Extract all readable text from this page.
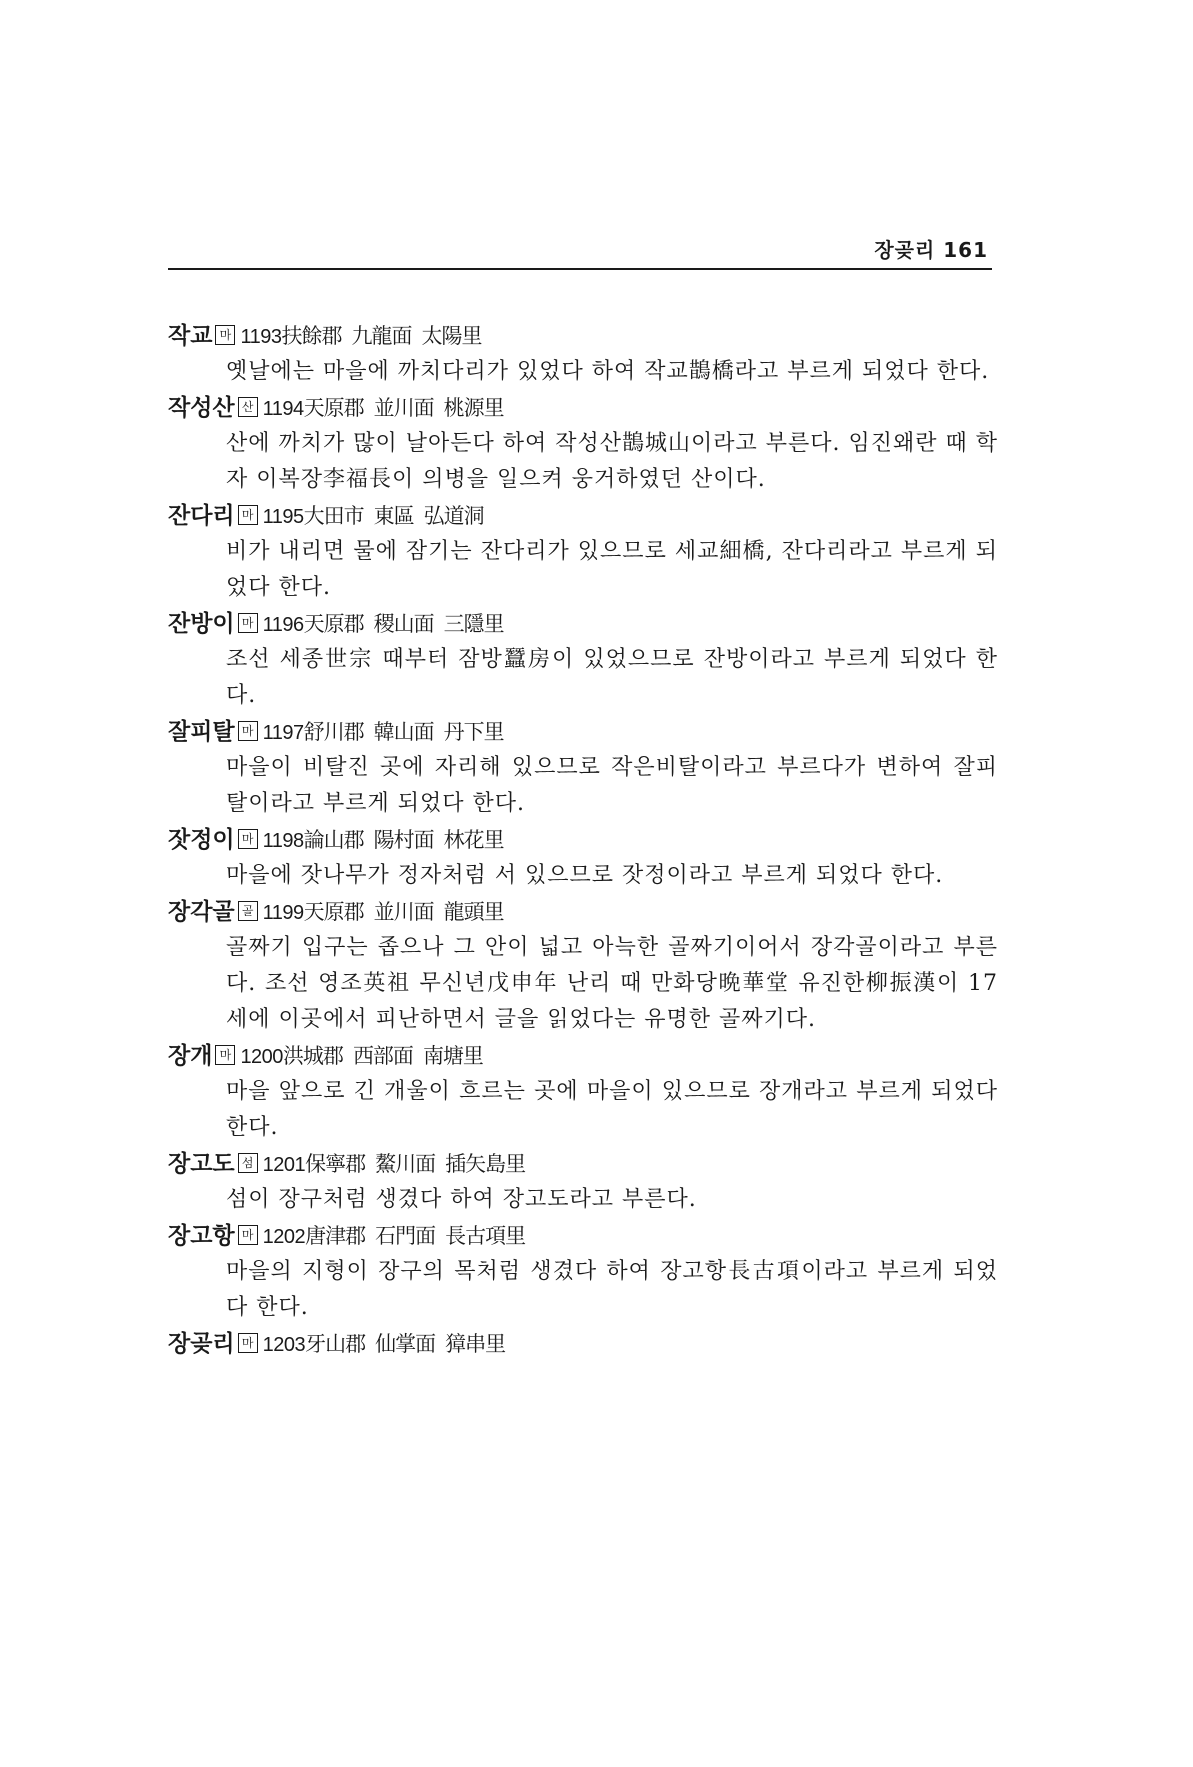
장곶리 161
작교 마 1193扶餘郡 九龍面 太陽里
옛날에는 마을에 까치다리가 있었다 하여 작교鵲橋라고 부르게 되었다 한다.
작성산 산 1194天原郡 並川面 桃源里
산에 까치가 많이 날아든다 하여 작성산鵲城山이라고 부른다. 임진왜란 때 학자 이복장李福長이 의병을 일으켜 웅거하였던 산이다.
잔다리 마 1195大田市 東區 弘道洞
비가 내리면 물에 잠기는 잔다리가 있으므로 세교細橋, 잔다리라고 부르게 되었다 한다.
잔방이 마 1196天原郡 稷山面 三隱里
조선 세종世宗 때부터 잠방蠶房이 있었으므로 잔방이라고 부르게 되었다 한다.
잘피탈 마 1197舒川郡 韓山面 丹下里
마을이 비탈진 곳에 자리해 있으므로 작은비탈이라고 부르다가 변하여 잘피탈이라고 부르게 되었다 한다.
잣정이 마 1198論山郡 陽村面 林花里
마을에 잣나무가 정자처럼 서 있으므로 잣정이라고 부르게 되었다 한다.
장각골 골 1199天原郡 並川面 龍頭里
골짜기 입구는 좁으나 그 안이 넓고 아늑한 골짜기이어서 장각골이라고 부른다. 조선 영조英祖 무신년戊申年 난리 때 만화당晩華堂 유진한柳振漢이 17세에 이곳에서 피난하면서 글을 읽었다는 유명한 골짜기다.
장개 마 1200洪城郡 西部面 南塘里
마을 앞으로 긴 개울이 흐르는 곳에 마을이 있으므로 장개라고 부르게 되었다 한다.
장고도 섬 1201保寧郡 鰲川面 插矢島里
섬이 장구처럼 생겼다 하여 장고도라고 부른다.
장고항 마 1202唐津郡 石門面 長古項里
마을의 지형이 장구의 목처럼 생겼다 하여 장고항長古項이라고 부르게 되었다 한다.
장곶리 마 1203牙山郡 仙掌面 獐串里
